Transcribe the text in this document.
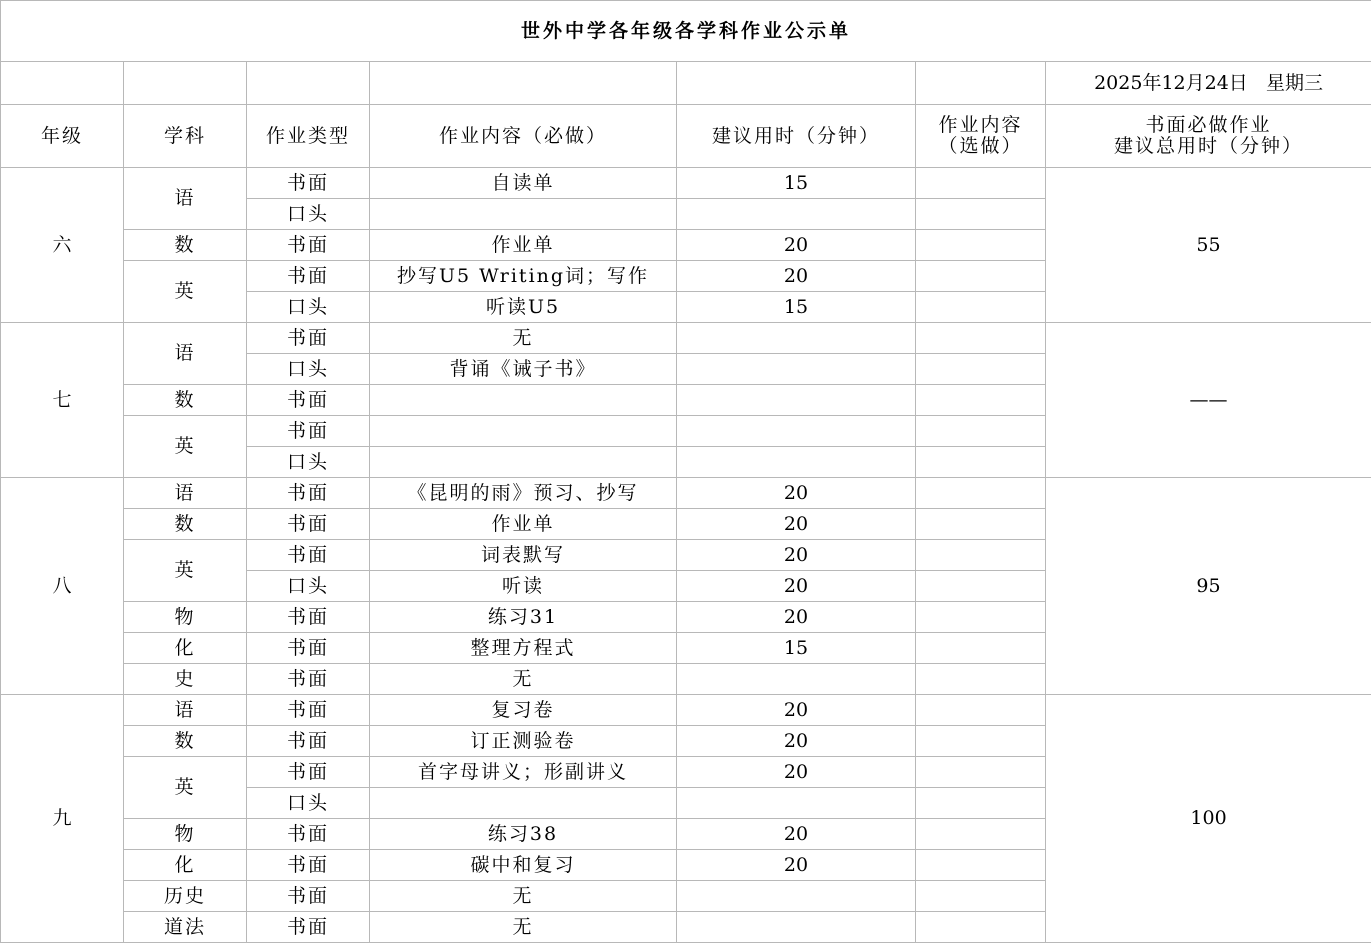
世外中学各年级各学科作业公示单						
						2025年12月24日 星期三
年级	学科	作业类型	作业内容（必做）	建议用时（分钟）	作业内容
（选做）	书面必做作业
建议总用时（分钟）

六	语	书面	自读单	15		55
		口头				
	数	书面	作业单	20		
	英	书面	抄写U5 Writing词；写作	20		
		口头	听读U5	15		
七	语	书面	无			——
		口头	背诵《诫子书》			
	数	书面				
	英	书面				
		口头				
八	语	书面	《昆明的雨》预习、抄写	20		95
	数	书面	作业单	20		
	英	书面	词表默写	20		
		口头	听读	20		
	物	书面	练习31	20		
	化	书面	整理方程式	15		
	史	书面	无			
九	语	书面	复习卷	20		100
	数	书面	订正测验卷	20		
	英	书面	首字母讲义；形副讲义	20		
		口头				
	物	书面	练习38	20		
	化	书面	碳中和复习	20		
	历史	书面	无			
	道法	书面	无			
